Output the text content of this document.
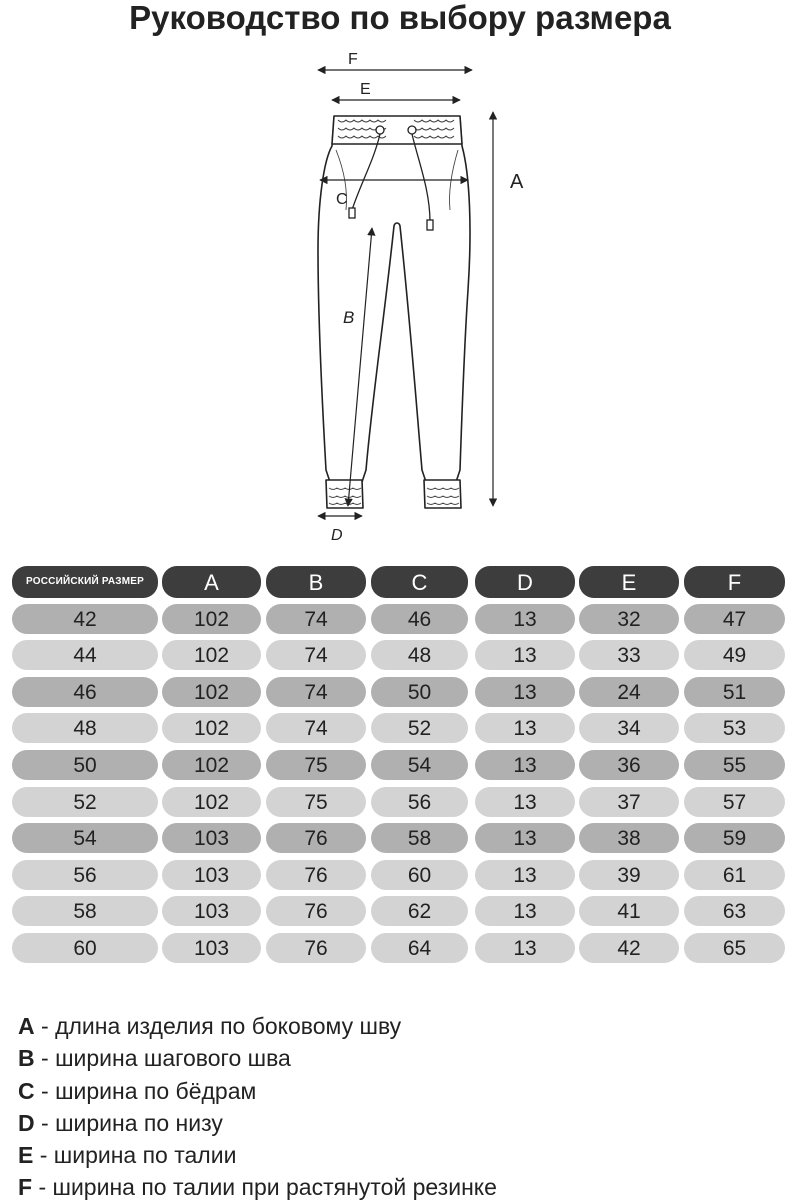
Руководство по выбору размера
F
E
C
A
B
D
РОССИЙСКИЙ РАЗМЕР	A	B	C	D	E	F
42	102	74	46	13	32	47
44	102	74	48	13	33	49
46	102	74	50	13	24	51
48	102	74	52	13	34	53
50	102	75	54	13	36	55
52	102	75	56	13	37	57
54	103	76	58	13	38	59
56	103	76	60	13	39	61
58	103	76	62	13	41	63
60	103	76	64	13	42	65
A - длина изделия по боковому шву
B - ширина шагового шва
C - ширина по бёдрам
D - ширина по низу
E - ширина по талии
F - ширина по талии при растянутой резинке
